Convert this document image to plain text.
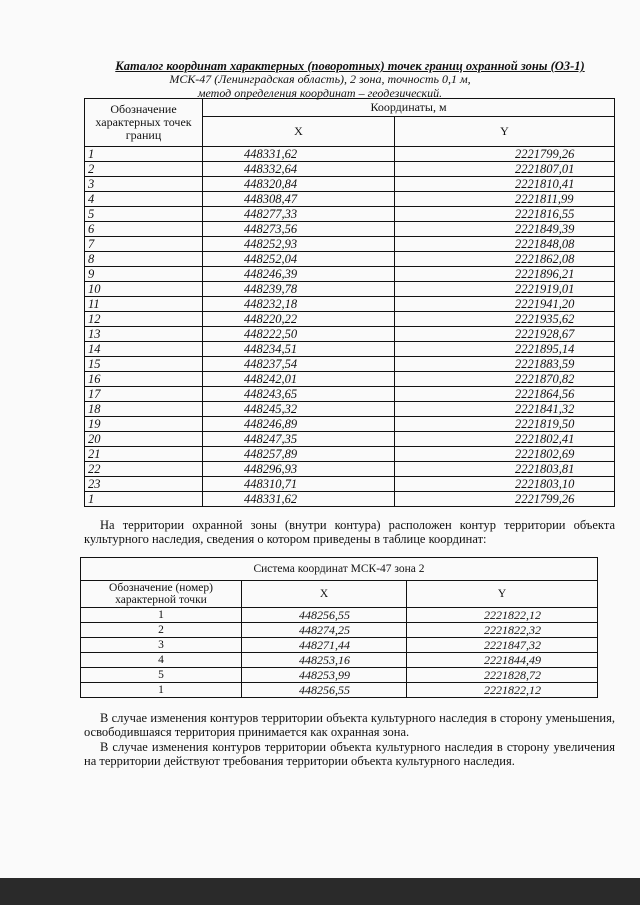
Каталог координат характерных (поворотных) точек границ охранной зоны (ОЗ-1)
МСК-47 (Ленинградская область), 2 зона, точность 0,1 м,
метод определения координат – геодезический.
Обозначение характерных точек границ	Координаты, м	
	X	Y
1	448331,62	2221799,26
2	448332,64	2221807,01
3	448320,84	2221810,41
4	448308,47	2221811,99
5	448277,33	2221816,55
6	448273,56	2221849,39
7	448252,93	2221848,08
8	448252,04	2221862,08
9	448246,39	2221896,21
10	448239,78	2221919,01
11	448232,18	2221941,20
12	448220,22	2221935,62
13	448222,50	2221928,67
14	448234,51	2221895,14
15	448237,54	2221883,59
16	448242,01	2221870,82
17	448243,65	2221864,56
18	448245,32	2221841,32
19	448246,89	2221819,50
20	448247,35	2221802,41
21	448257,89	2221802,69
22	448296,93	2221803,81
23	448310,71	2221803,10
1	448331,62	2221799,26
На территории охранной зоны (внутри контура) расположен контур территории объекта культурного наследия, сведения о котором приведены в таблице координат:
Система координат МСК-47 зона 2		
Обозначение (номер) характерной точки	X	Y
1	448256,55	2221822,12
2	448274,25	2221822,32
3	448271,44	2221847,32
4	448253,16	2221844,49
5	448253,99	2221828,72
1	448256,55	2221822,12
В случае изменения контуров территории объекта культурного наследия в сторону уменьшения, освободившаяся территория принимается как охранная зона.
В случае изменения контуров территории объекта культурного наследия в сторону увеличения на территории действуют требования территории объекта культурного наследия.
